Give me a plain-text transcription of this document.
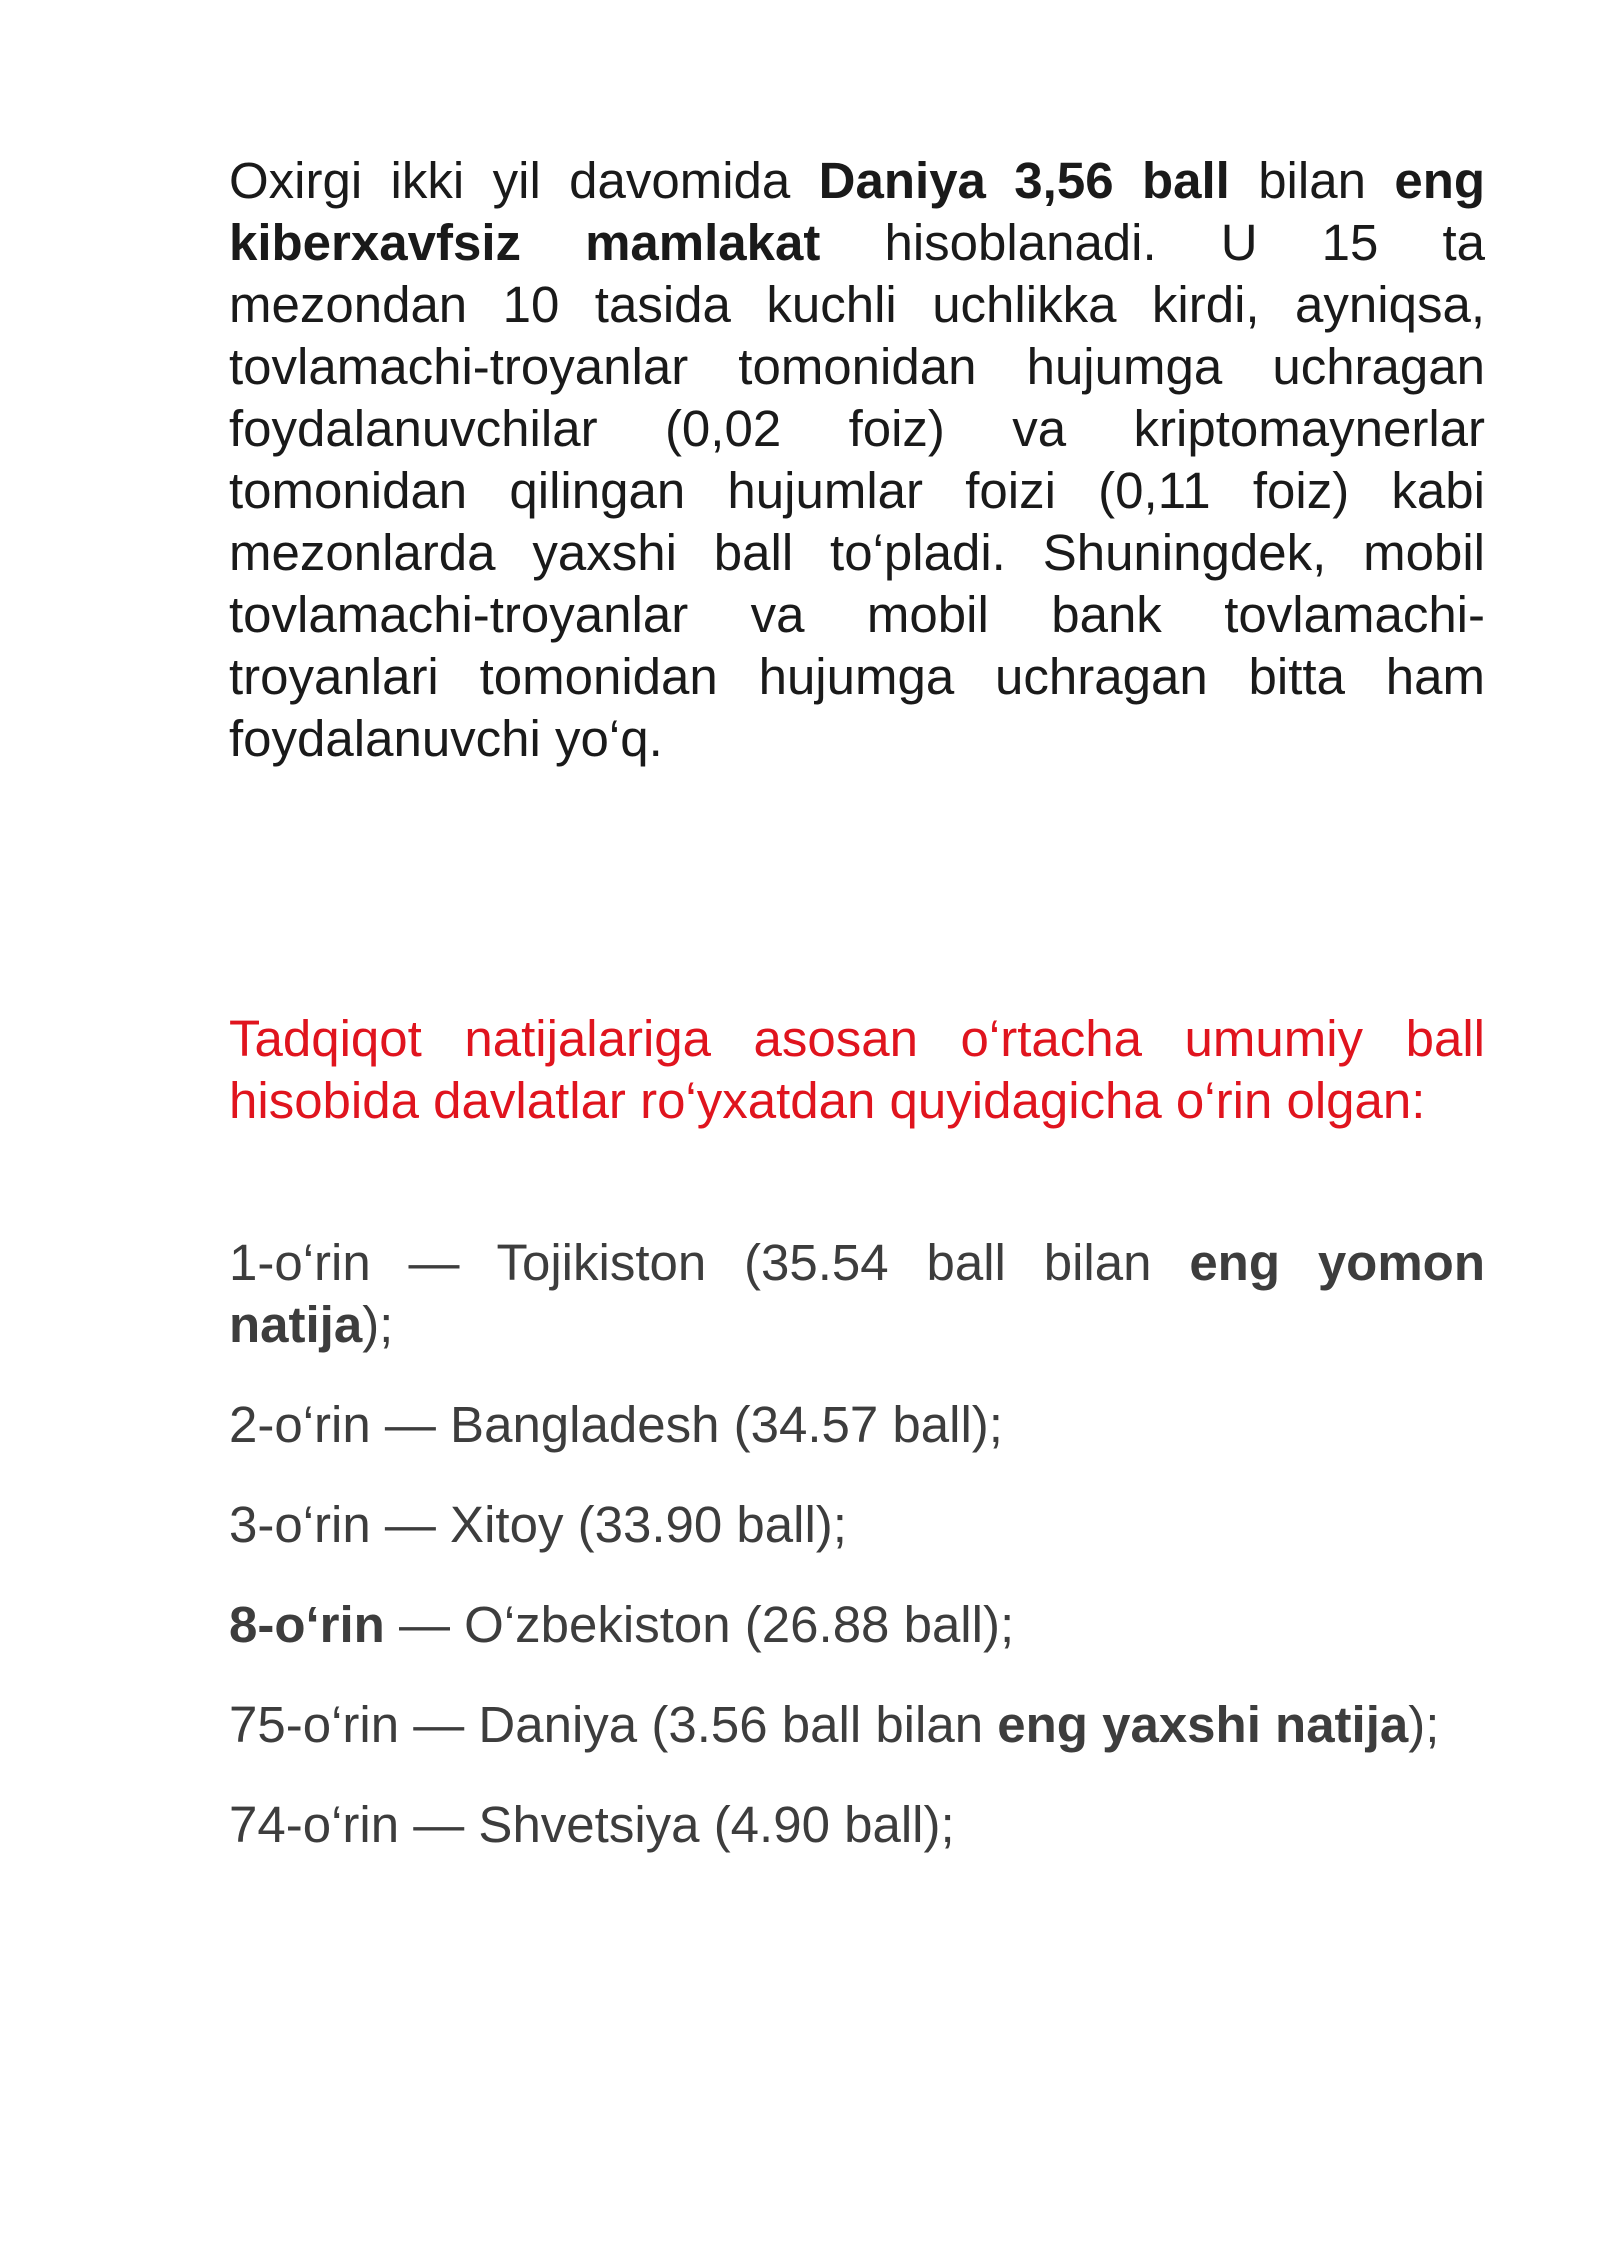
Oxirgi ikki yil davomida Daniya 3,56 ball bilan eng kiberxavfsiz mamlakat hisoblanadi. U 15 ta mezondan 10 tasida kuchli uchlikka kirdi, ayniqsa, tovlamachi-troyanlar tomonidan hujumga uchragan foydalanuvchilar (0,02 foiz) va kriptomaynerlar tomonidan qilingan hujumlar foizi (0,11 foiz) kabi mezonlarda yaxshi ball to‘pladi. Shuningdek, mobil tovlamachi-troyanlar va mobil bank tovlamachi-troyanlari tomonidan hujumga uchragan bitta ham foydalanuvchi yo‘q.

Tadqiqot natijalariga asosan o‘rtacha umumiy ball hisobida davlatlar ro‘yxatdan quyidagicha o‘rin olgan:

1-o‘rin — Tojikiston (35.54 ball bilan eng yomon natija);
2-o‘rin — Bangladesh (34.57 ball);
3-o‘rin — Xitoy (33.90 ball);
8-o‘rin — O‘zbekiston (26.88 ball);
75-o‘rin — Daniya (3.56 ball bilan eng yaxshi natija);
74-o‘rin — Shvetsiya (4.90 ball);
